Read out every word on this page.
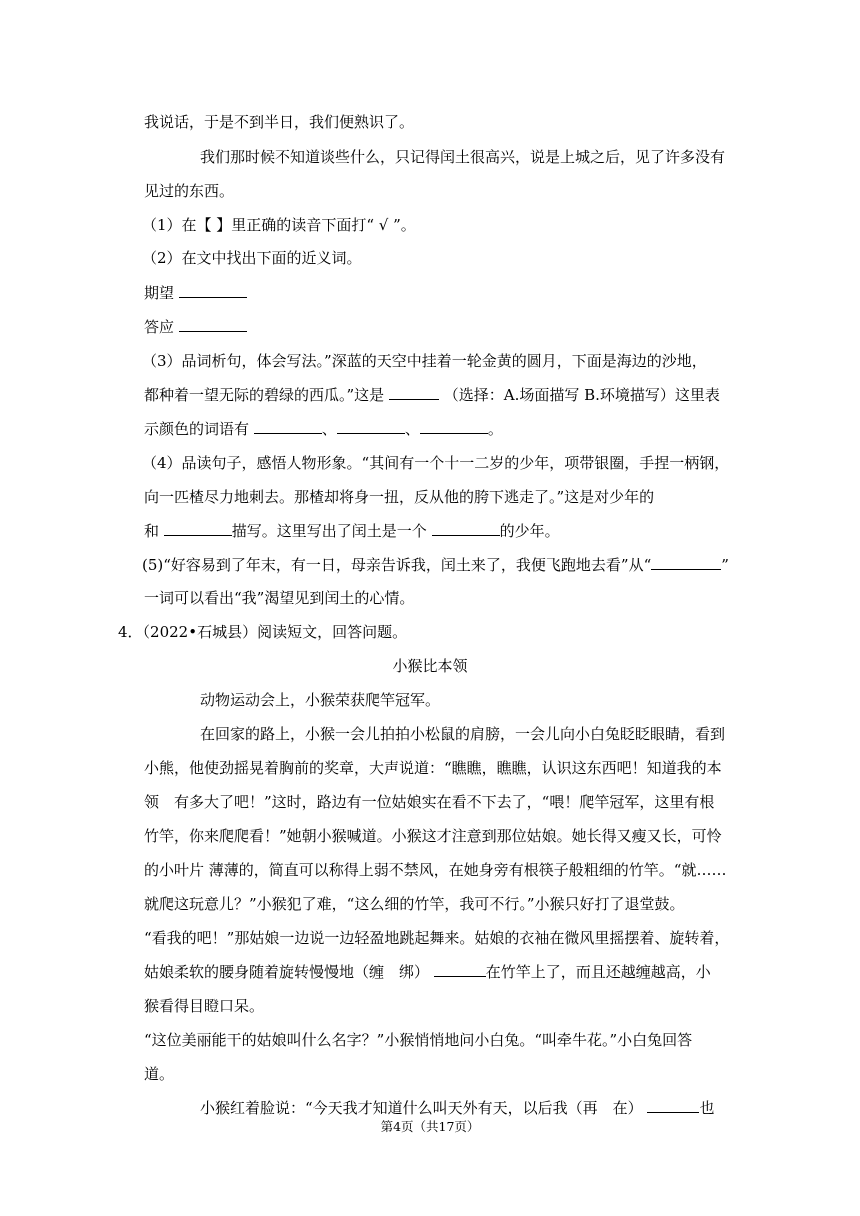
我说话，于是不到半日，我们便熟识了。
我们那时候不知道谈些什么，只记得闰土很高兴，说是上城之后，见了许多没有
见过的东西。
（1）在【 】里正确的读音下面打“ √ ”。
（2）在文中找出下面的近义词。
期望
答应
（3）品词析句，体会写法。”深蓝的天空中挂着一轮金黄的圆月，下面是海边的沙地，
都种着一望无际的碧绿的西瓜。”这是	（选择：A.场面描写 B.环境描写）这里表
示颜色的词语有	、	、	。
（4）品读句子，感悟人物形象。“其间有一个十一二岁的少年，项带银圈，手捏一柄钢，
向一匹楂尽力地刺去。那楂却将身一扭，反从他的胯下逃走了。”这是对少年的
和	描写。这里写出了闰土是一个	的少年。
(5)“好容易到了年末，有一日，母亲告诉我，闰土来了，我便飞跑地去看”从“	”
一词可以看出“我”渴望见到闰土的心情。
4．（2022•石城县）阅读短文，回答问题。
小猴比本领
动物运动会上，小猴荣获爬竿冠军。
在回家的路上，小猴一会儿拍拍小松鼠的肩膀，一会儿向小白兔眨眨眼睛，看到
小熊，他使劲摇晃着胸前的奖章，大声说道：“瞧瞧，瞧瞧，认识这东西吧！知道我的本
领　有多大了吧！”这时，路边有一位姑娘实在看不下去了，“喂！爬竿冠军，这里有根
竹竿，你来爬爬看！”她朝小猴喊道。小猴这才注意到那位姑娘。她长得又瘦又长，可怜
的小叶片 薄薄的，简直可以称得上弱不禁风，在她身旁有根筷子般粗细的竹竿。“就……
就爬这玩意儿？”小猴犯了难，“这么细的竹竿，我可不行。”小猴只好打了退堂鼓。
“看我的吧！”那姑娘一边说一边轻盈地跳起舞来。姑娘的衣袖在微风里摇摆着、旋转着，
姑娘柔软的腰身随着旋转慢慢地（缠　绑）	在竹竿上了，而且还越缠越高，小
猴看得目瞪口呆。
“这位美丽能干的姑娘叫什么名字？”小猴悄悄地问小白兔。“叫牵牛花。”小白兔回答
道。
小猴红着脸说：“今天我才知道什么叫天外有天，以后我（再　在）	也
第4页（共17页）
